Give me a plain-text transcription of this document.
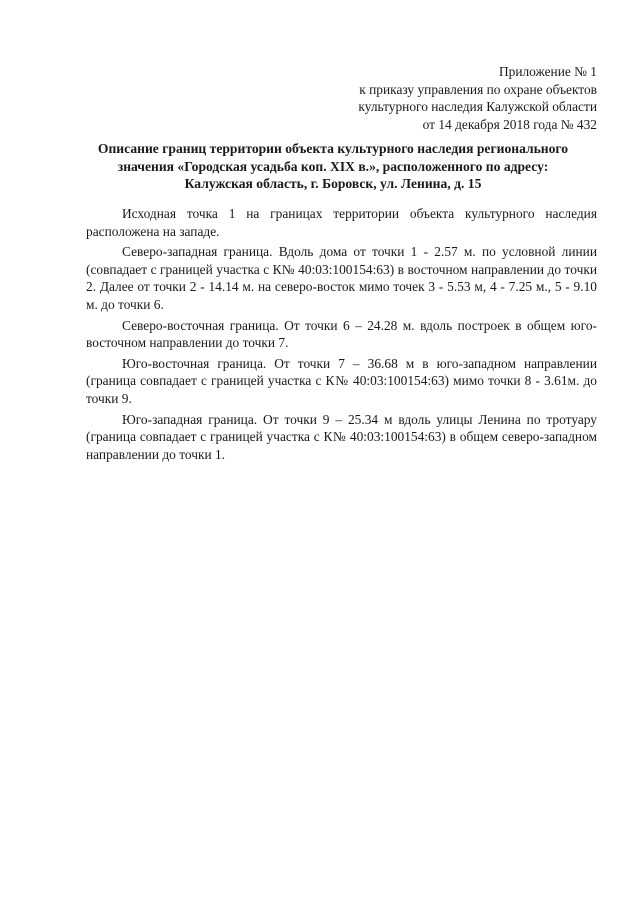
Приложение № 1
к приказу управления по охране объектов
культурного наследия Калужской области
от 14 декабря 2018 года № 432
Описание границ территории объекта культурного наследия регионального
значения «Городская усадьба коп. XIX в.», расположенного по адресу:
Калужская область, г. Боровск, ул. Ленина, д. 15

Исходная точка 1 на границах территории объекта культурного наследия расположена на западе.

Северо-западная граница. Вдоль дома от точки 1 - 2.57 м. по условной линии (совпадает с границей участка с К№ 40:03:100154:63) в восточном направлении до точки 2. Далее от точки 2 - 14.14 м. на северо-восток мимо точек 3 - 5.53 м, 4 - 7.25 м., 5 - 9.10 м. до точки 6.

Северо-восточная граница. От точки 6 – 24.28 м. вдоль построек в общем юго-восточном направлении до точки 7.

Юго-восточная граница. От точки 7 – 36.68 м в юго-западном направлении (граница совпадает с границей участка с К№ 40:03:100154:63) мимо точки 8 - 3.61м. до точки 9.

Юго-западная граница. От точки 9 – 25.34 м вдоль улицы Ленина по тротуару (граница совпадает с границей участка с К№ 40:03:100154:63) в общем северо-западном направлении до точки 1.
